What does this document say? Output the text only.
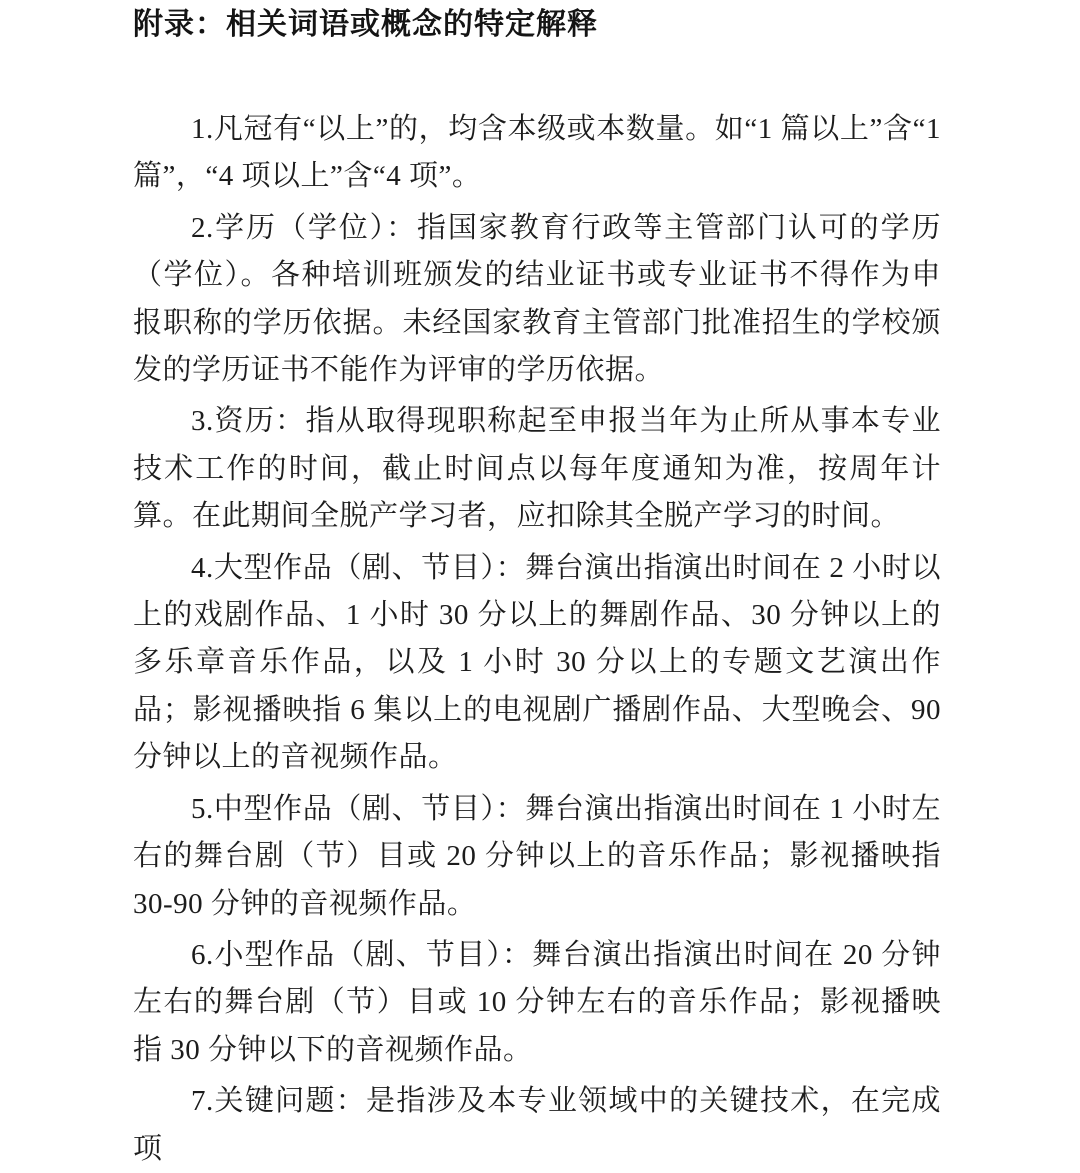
附录：相关词语或概念的特定解释

1.凡冠有“以上”的，均含本级或本数量。如“1 篇以上”含“1 篇”，“4 项以上”含“4 项”。

2.学历（学位）：指国家教育行政等主管部门认可的学历（学位）。各种培训班颁发的结业证书或专业证书不得作为申报职称的学历依据。未经国家教育主管部门批准招生的学校颁发的学历证书不能作为评审的学历依据。

3.资历：指从取得现职称起至申报当年为止所从事本专业技术工作的时间，截止时间点以每年度通知为准，按周年计算。在此期间全脱产学习者，应扣除其全脱产学习的时间。

4.大型作品（剧、节目）：舞台演出指演出时间在 2 小时以上的戏剧作品、1 小时 30 分以上的舞剧作品、30 分钟以上的多乐章音乐作品，以及 1 小时 30 分以上的专题文艺演出作品；影视播映指 6 集以上的电视剧广播剧作品、大型晚会、90 分钟以上的音视频作品。

5.中型作品（剧、节目）：舞台演出指演出时间在 1 小时左右的舞台剧（节）目或 20 分钟以上的音乐作品；影视播映指 30-90 分钟的音视频作品。

6.小型作品（剧、节目）：舞台演出指演出时间在 20 分钟左右的舞台剧（节）目或 10 分钟左右的音乐作品；影视播映指 30 分钟以下的音视频作品。

7.关键问题：是指涉及本专业领域中的关键技术，在完成项
